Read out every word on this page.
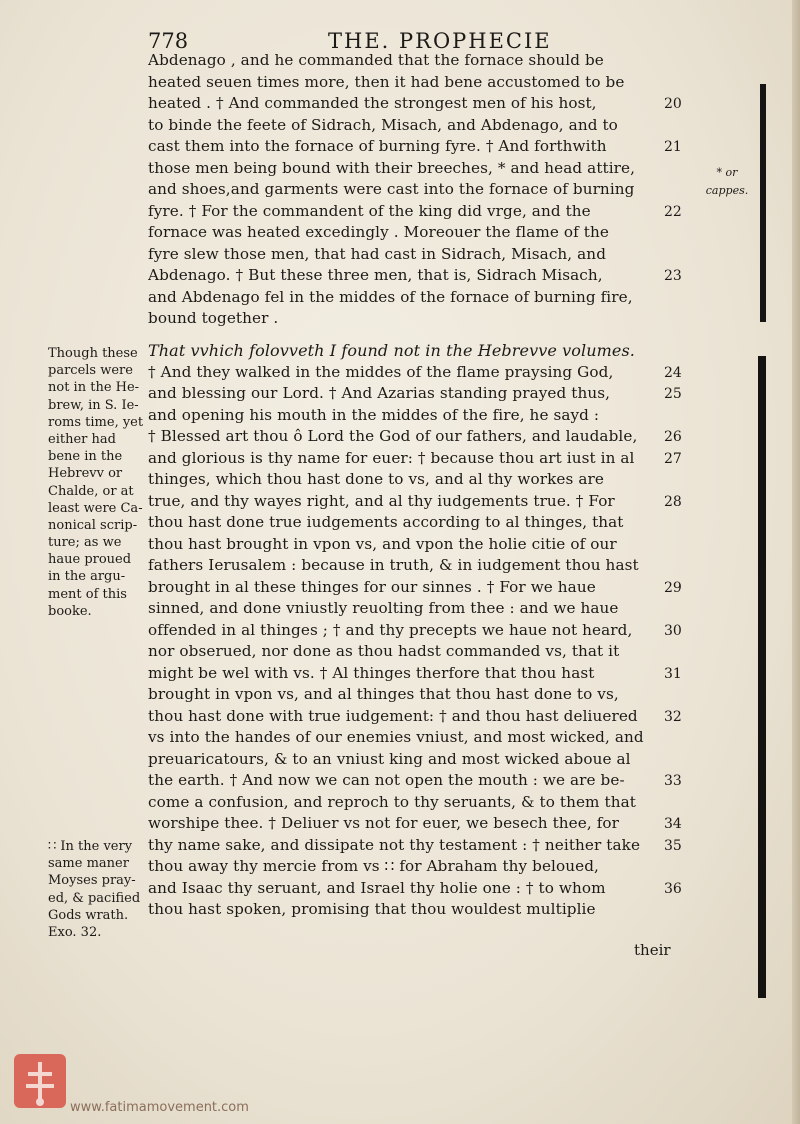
778	THE. PROPHECIE
Abdenago , and he commanded that the fornace should be
heated seuen times more, then it had bene accustomed to be
heated . † And commanded the strongest men of his host,
to binde the feete of Sidrach, Misach, and Abdenago, and to
cast them into the fornace of burning fyre. † And forthwith
those men being bound with their breeches, * and head attire,
and shoes,and garments were cast into the fornace of burning
fyre. † For the commandent of the king did vrge, and the
fornace was heated excedingly . Moreouer the flame of the
fyre slew those men, that had cast in Sidrach, Misach, and
Abdenago. † But these three men, that is, Sidrach Misach,
and Abdenago fel in the middes of the fornace of burning fire,
bound together .
That vvhich folovveth I found not in the Hebrevve volumes.
† And they walked in the middes of the flame praysing God,
and blessing our Lord. † And Azarias standing prayed thus,
and opening his mouth in the middes of the fire, he sayd :
† Blessed art thou ô Lord the God of our fathers, and laudable,
and glorious is thy name for euer: † because thou art iust in al
thinges, which thou hast done to vs, and al thy workes are
true, and thy wayes right, and al thy iudgements true. † For
thou hast done true iudgements according to al thinges, that
thou hast brought in vpon vs, and vpon the holie citie of our
fathers Ierusalem : because in truth, & in iudgement thou hast
brought in al these thinges for our sinnes . † For we haue
sinned, and done vniustly reuolting from thee : and we haue
offended in al thinges ; † and thy precepts we haue not heard,
nor obserued, nor done as thou hadst commanded vs, that it
might be wel with vs. † Al thinges therfore that thou hast
brought in vpon vs, and al thinges that thou hast done to vs,
thou hast done with true iudgement: † and thou hast deliuered
vs into the handes of our enemies vniust, and most wicked, and
preuaricatours, & to an vniust king and most wicked aboue al
the earth. † And now we can not open the mouth : we are be-
come a confusion, and reproch to thy seruants, & to them that
worshipe thee. † Deliuer vs not for euer, we besech thee, for
thy name sake, and dissipate not thy testament : † neither take
thou away thy mercie from vs ∷ for Abraham thy beloued,
and Isaac thy seruant, and Israel thy holie one : † to whom
thou hast spoken, promising that thou wouldest multiplie
20
21
22
23
24
25
26
27
28
29
30
31
32
33
34
35
36
* or
cappes.
Though these
parcels were
not in the He-
brew, in S. Ie-
roms time, yet
either had
bene in the
Hebrevv or
Chalde, or at
least were Ca-
nonical scrip-
ture; as we
haue proued
in the argu-
ment of this
booke.
∷ In the very
same maner
Moyses pray-
ed, & pacified
Gods wrath.
Exo. 32.
their
www.fatimamovement.com
